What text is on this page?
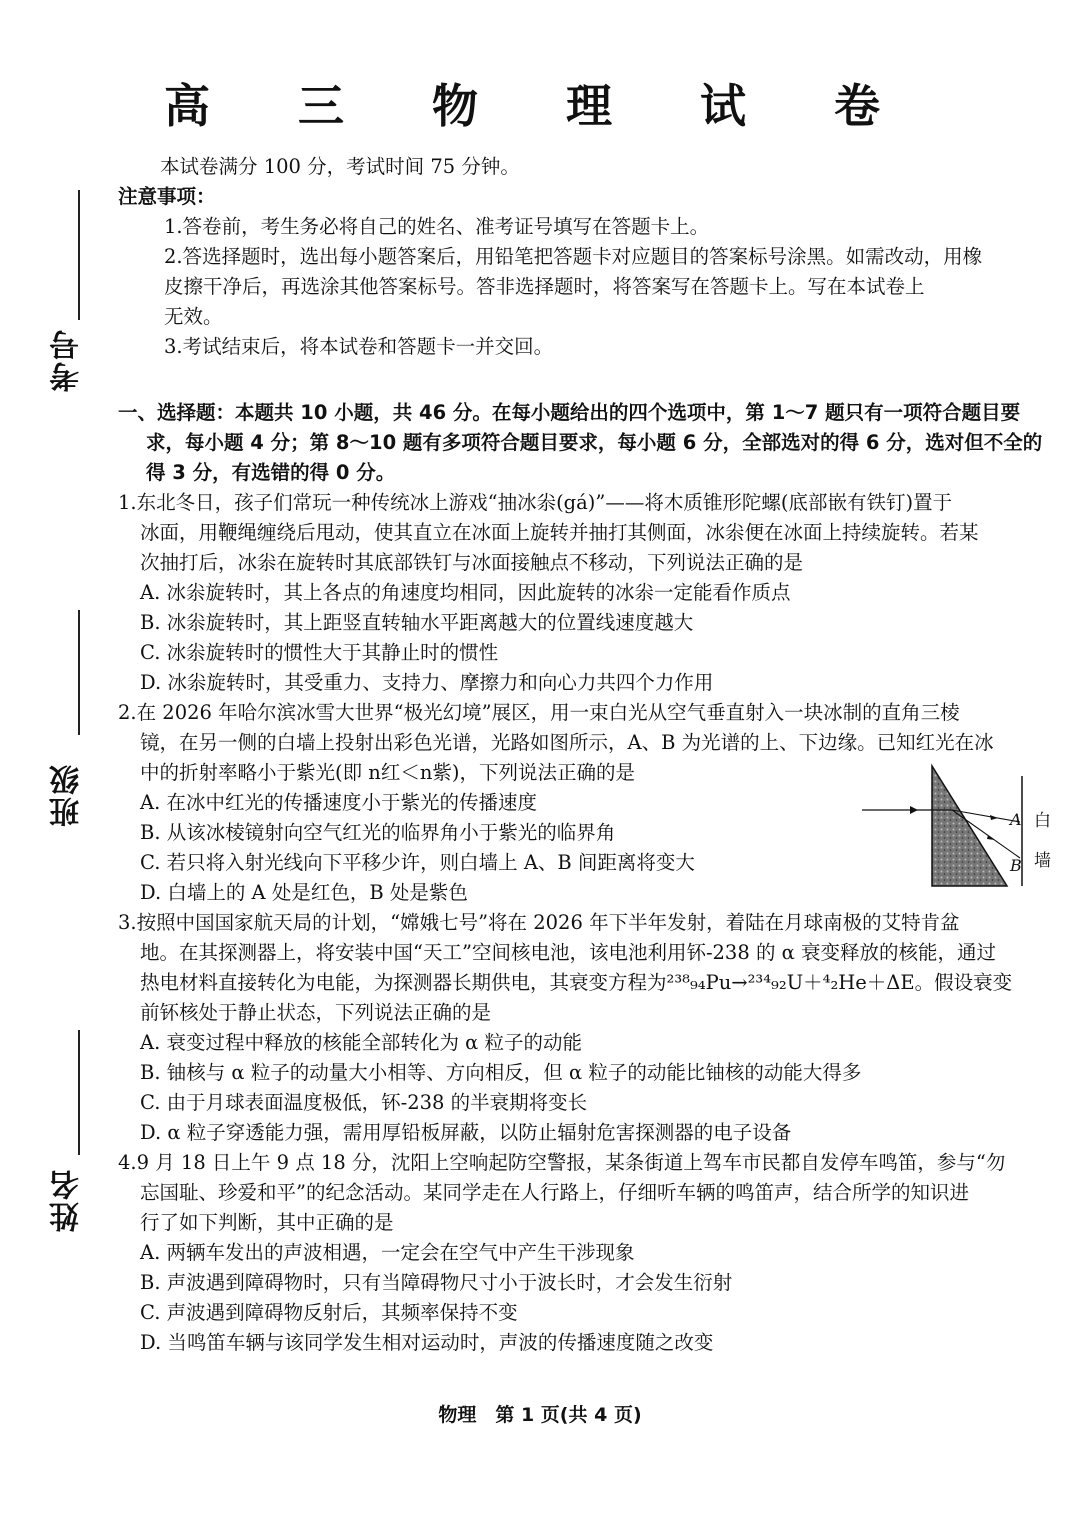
高 三 物 理 试 卷
考号
班级
姓名
本试卷满分 100 分，考试时间 75 分钟。
注意事项：
1.答卷前，考生务必将自己的姓名、准考证号填写在答题卡上。
2.答选择题时，选出每小题答案后，用铅笔把答题卡对应题目的答案标号涂黑。如需改动，用橡
皮擦干净后，再选涂其他答案标号。答非选择题时，将答案写在答题卡上。写在本试卷上
无效。
3.考试结束后，将本试卷和答题卡一并交回。
一、选择题：本题共 10 小题，共 46 分。在每小题给出的四个选项中，第 1～7 题只有一项符合题目要
求，每小题 4 分；第 8～10 题有多项符合题目要求，每小题 6 分，全部选对的得 6 分，选对但不全的
得 3 分，有选错的得 0 分。
1.东北冬日，孩子们常玩一种传统冰上游戏“抽冰尜(gá)”——将木质锥形陀螺(底部嵌有铁钉)置于
冰面，用鞭绳缠绕后甩动，使其直立在冰面上旋转并抽打其侧面，冰尜便在冰面上持续旋转。若某
次抽打后，冰尜在旋转时其底部铁钉与冰面接触点不移动，下列说法正确的是
A. 冰尜旋转时，其上各点的角速度均相同，因此旋转的冰尜一定能看作质点
B. 冰尜旋转时，其上距竖直转轴水平距离越大的位置线速度越大
C. 冰尜旋转时的惯性大于其静止时的惯性
D. 冰尜旋转时，其受重力、支持力、摩擦力和向心力共四个力作用
2.在 2026 年哈尔滨冰雪大世界“极光幻境”展区，用一束白光从空气垂直射入一块冰制的直角三棱
镜，在另一侧的白墙上投射出彩色光谱，光路如图所示，A、B 为光谱的上、下边缘。已知红光在冰
中的折射率略小于紫光(即 n红＜n紫)，下列说法正确的是
A. 在冰中红光的传播速度小于紫光的传播速度
B. 从该冰棱镜射向空气红光的临界角小于紫光的临界角
C. 若只将入射光线向下平移少许，则白墙上 A、B 间距离将变大
D. 白墙上的 A 处是红色，B 处是紫色
3.按照中国国家航天局的计划，“嫦娥七号”将在 2026 年下半年发射，着陆在月球南极的艾特肯盆
地。在其探测器上，将安装中国“天工”空间核电池，该电池利用钚-238 的 α 衰变释放的核能，通过
热电材料直接转化为电能，为探测器长期供电，其衰变方程为²³⁸₉₄Pu→²³⁴₉₂U＋⁴₂He＋ΔE。假设衰变
前钚核处于静止状态，下列说法正确的是
A. 衰变过程中释放的核能全部转化为 α 粒子的动能
B. 铀核与 α 粒子的动量大小相等、方向相反，但 α 粒子的动能比铀核的动能大得多
C. 由于月球表面温度极低，钚-238 的半衰期将变长
D. α 粒子穿透能力强，需用厚铅板屏蔽，以防止辐射危害探测器的电子设备
4.9 月 18 日上午 9 点 18 分，沈阳上空响起防空警报，某条街道上驾车市民都自发停车鸣笛，参与“勿
忘国耻、珍爱和平”的纪念活动。某同学走在人行路上，仔细听车辆的鸣笛声，结合所学的知识进
行了如下判断，其中正确的是
A. 两辆车发出的声波相遇，一定会在空气中产生干涉现象
B. 声波遇到障碍物时，只有当障碍物尺寸小于波长时，才会发生衍射
C. 声波遇到障碍物反射后，其频率保持不变
D. 当鸣笛车辆与该同学发生相对运动时，声波的传播速度随之改变
A
B
白
墙
物理　第 1 页(共 4 页)
